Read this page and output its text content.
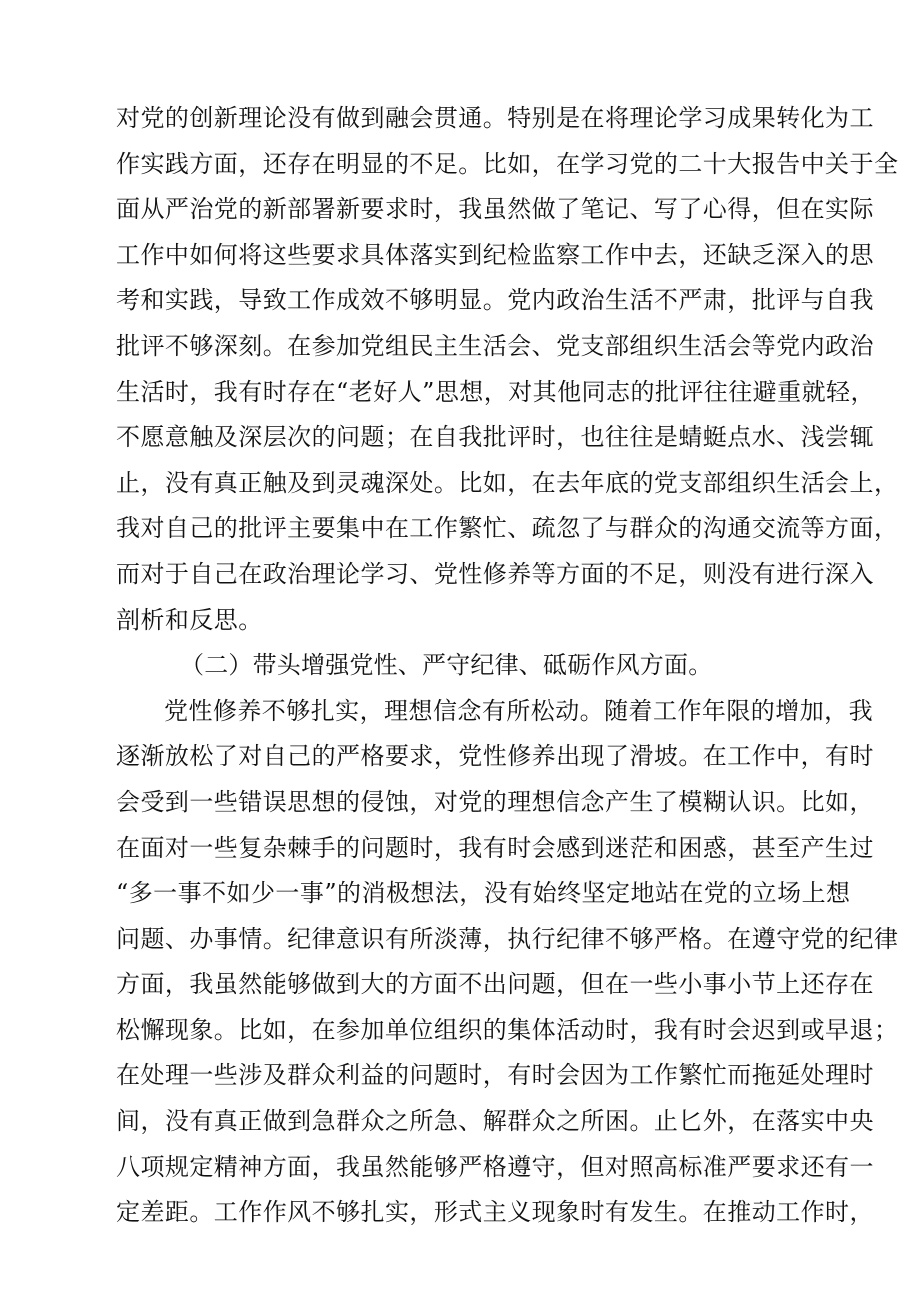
对党的创新理论没有做到融会贯通。特别是在将理论学习成果转化为工
作实践方面，还存在明显的不足。比如，在学习党的二十大报告中关于全
面从严治党的新部署新要求时，我虽然做了笔记、写了心得，但在实际
工作中如何将这些要求具体落实到纪检监察工作中去，还缺乏深入的思
考和实践，导致工作成效不够明显。党内政治生活不严肃，批评与自我
批评不够深刻。在参加党组民主生活会、党支部组织生活会等党内政治
生活时，我有时存在“老好人”思想，对其他同志的批评往往避重就轻，
不愿意触及深层次的问题；在自我批评时，也往往是蜻蜓点水、浅尝辄
止，没有真正触及到灵魂深处。比如，在去年底的党支部组织生活会上，
我对自己的批评主要集中在工作繁忙、疏忽了与群众的沟通交流等方面，
而对于自己在政治理论学习、党性修养等方面的不足，则没有进行深入
剖析和反思。
（二）带头增强党性、严守纪律、砥砺作风方面。
党性修养不够扎实，理想信念有所松动。随着工作年限的增加，我
逐渐放松了对自己的严格要求，党性修养出现了滑坡。在工作中，有时
会受到一些错误思想的侵蚀，对党的理想信念产生了模糊认识。比如，
在面对一些复杂棘手的问题时，我有时会感到迷茫和困惑，甚至产生过
“多一事不如少一事”的消极想法，没有始终坚定地站在党的立场上想
问题、办事情。纪律意识有所淡薄，执行纪律不够严格。在遵守党的纪律
方面，我虽然能够做到大的方面不出问题，但在一些小事小节上还存在
松懈现象。比如，在参加单位组织的集体活动时，我有时会迟到或早退；
在处理一些涉及群众利益的问题时，有时会因为工作繁忙而拖延处理时
间，没有真正做到急群众之所急、解群众之所困。止匕外，在落实中央
八项规定精神方面，我虽然能够严格遵守，但对照高标准严要求还有一
定差距。工作作风不够扎实，形式主义现象时有发生。在推动工作时，
